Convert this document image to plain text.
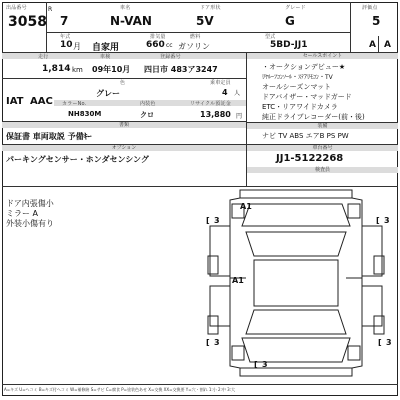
出品番号
3058
R	車名	ドア形状	グレード	評価点
7	N-VAN	5V	G	5
年式	排気量	燃料	型式
10 月 自家用	660 cc ガソリン	5BD-JJ1	A A
走行	車検	登録番号
1,814 km 09年10月 四日市 483ア3247
乗車定員
色
グレー	4 人
IAT AAC カラーNo.	内装色	リサイクル預託金
NH830M	クロ	13,880 円
書類
保証書 車両取説 予備ｷｰ
セールスポイント
・オークションデビュー★
ﾘﾔﾙｰﾌｺﾝｿｰﾙ・ｽﾃｱﾘﾓｺﾝ・TV
オールシーズンマット
ドアバイザー・マッドガード
ETC・リアワイドカメラ
純正ドライブレコーダー(前・後)
装備
ナビ TV ABS エアB PS PW
オプション
パーキングセンサー・ホンダセンシング
車台番号
JJ1-5122268
検査員
ドア内張傷小
ミラー A
外装小傷有り
A1
A1
[ 3	[ 3
[ 3	[ 3
[ 3
A=キズ U=ヘコミ B=キズ付ヘコミ W=補修跡 S=サビ C=腐食 P=塗装色あせ X=交換 XX=交換要 Y=穴・割れ 1:小 2:中 3:大
